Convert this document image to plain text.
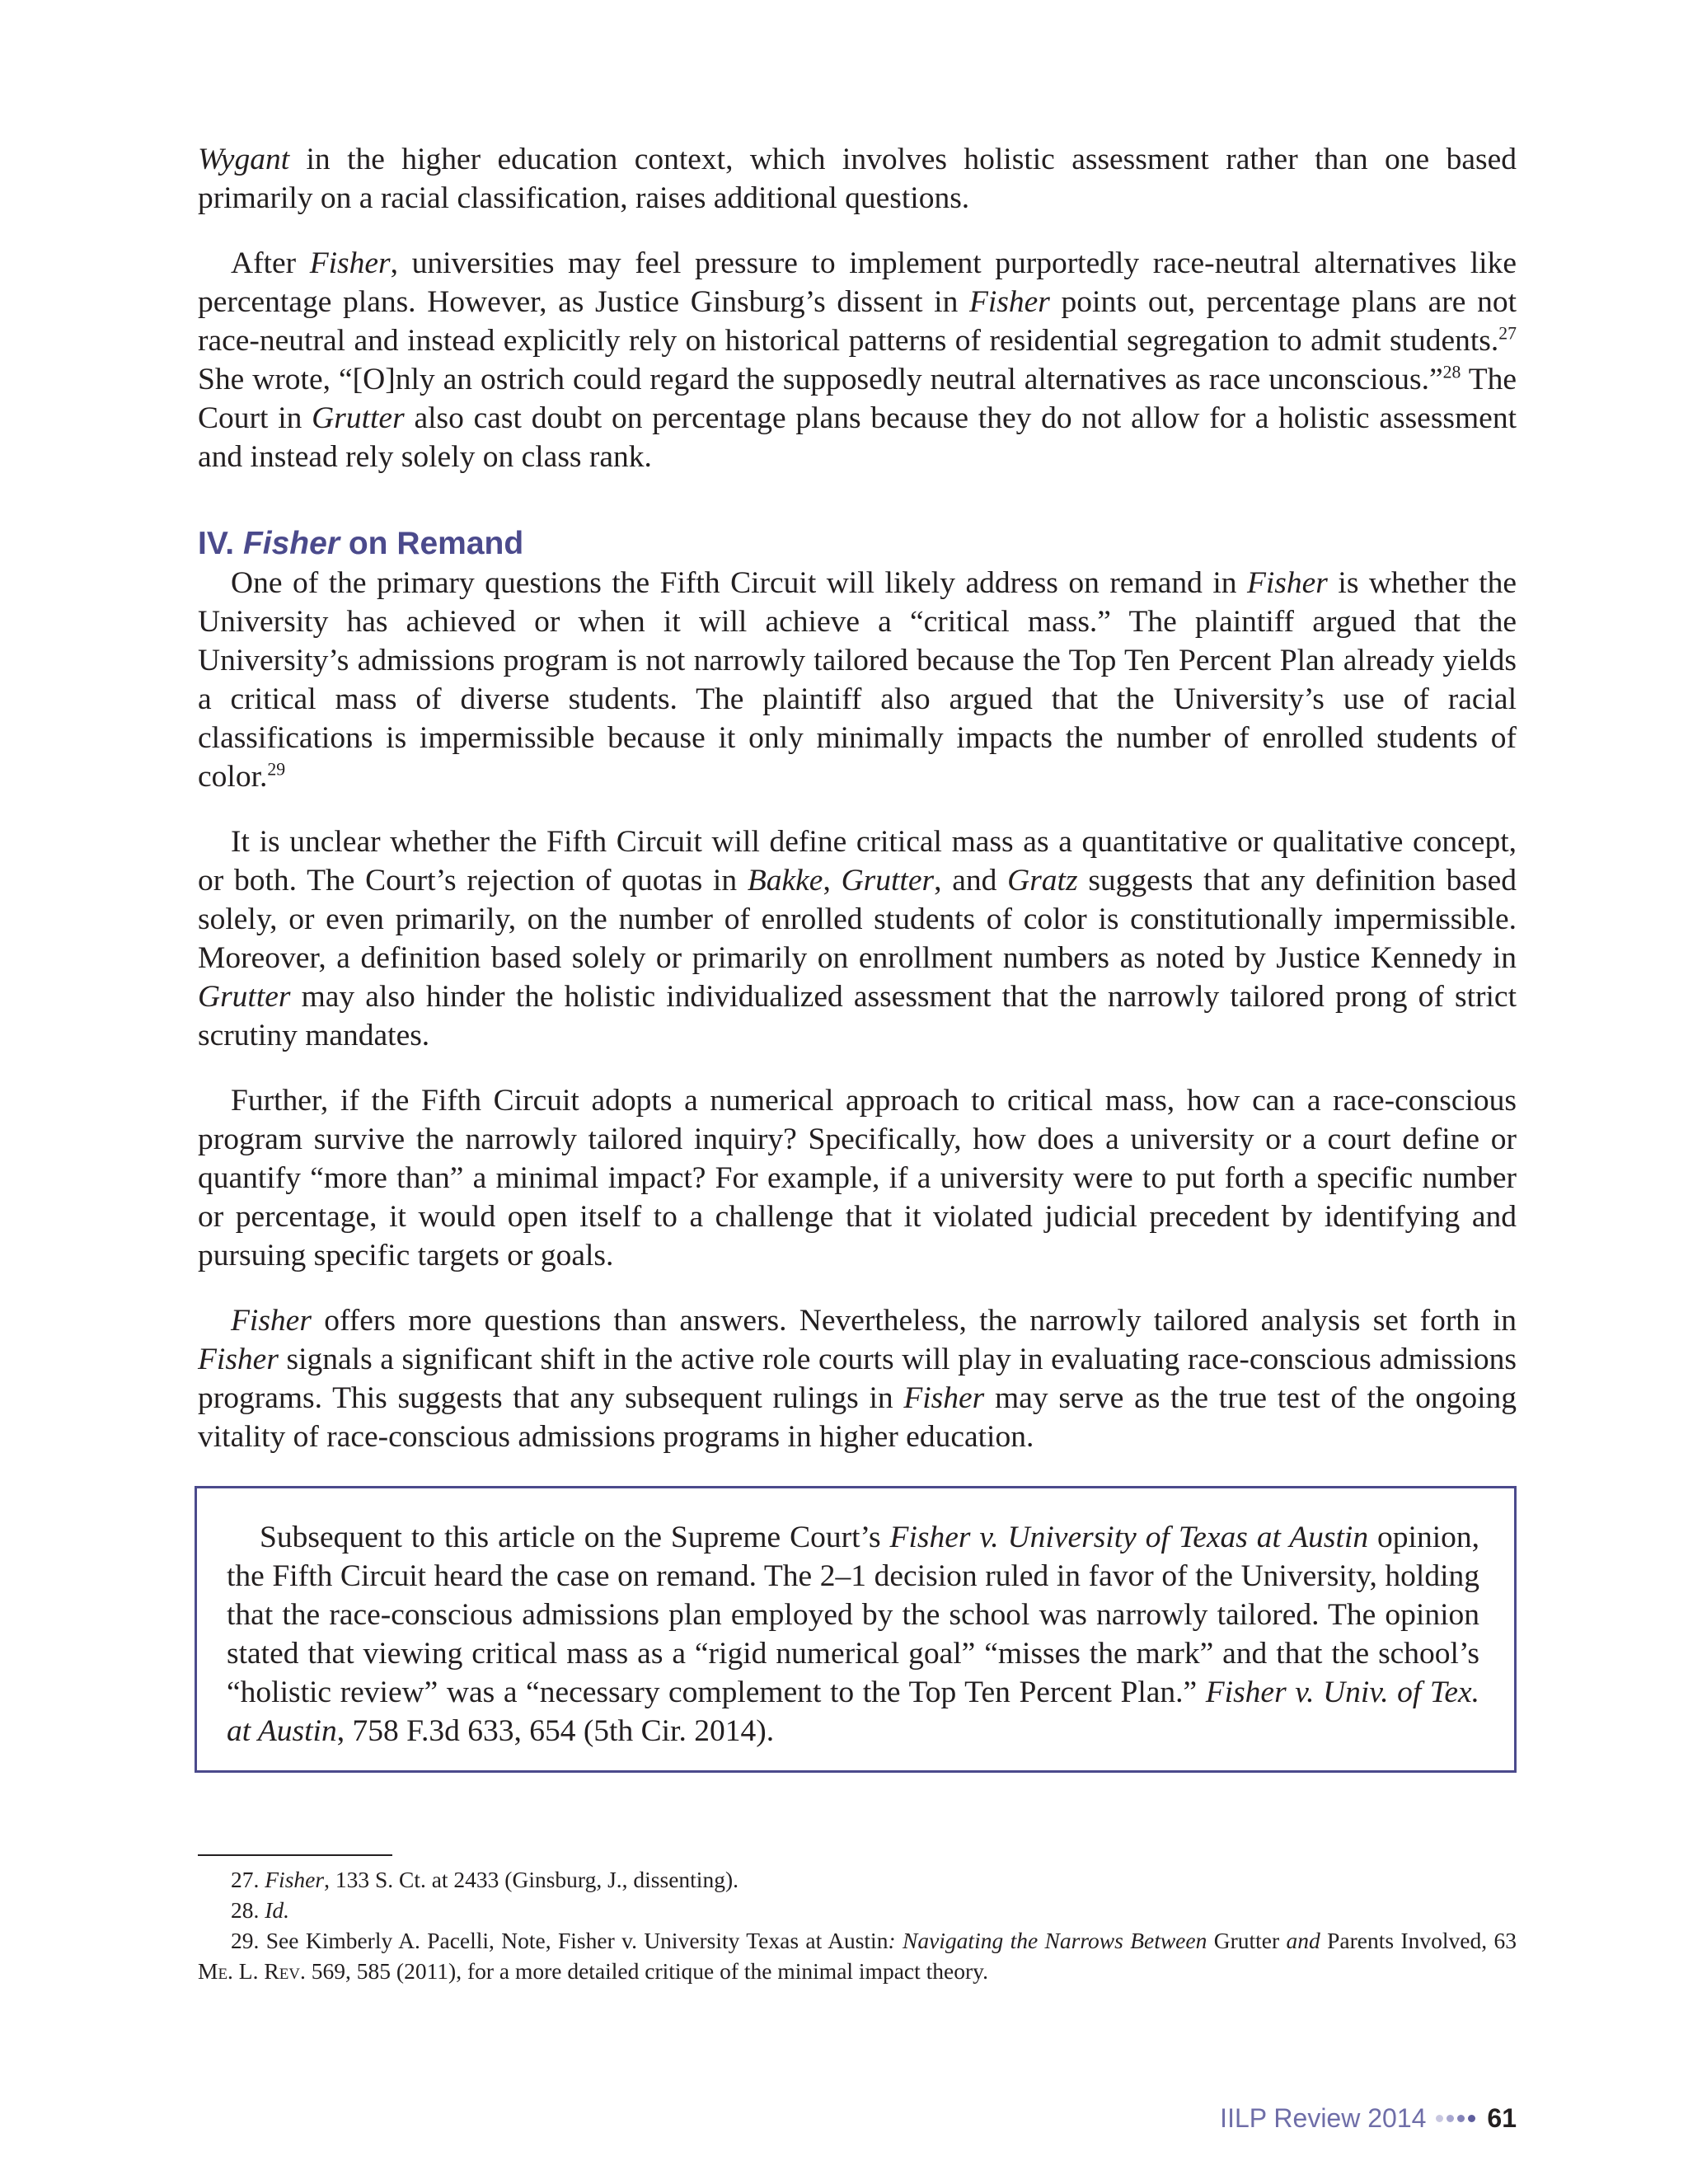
Wygant in the higher education context, which involves holistic assessment rather than one based primarily on a racial classification, raises additional questions.

After Fisher, universities may feel pressure to implement purportedly race-neutral alternatives like percentage plans. However, as Justice Ginsburg’s dissent in Fisher points out, percentage plans are not race-neutral and instead explicitly rely on historical patterns of residential segregation to admit students.$^{27}$ She wrote, “[O]nly an ostrich could regard the supposedly neutral alternatives as race unconscious.”$^{28}$ The Court in Grutter also cast doubt on percentage plans because they do not allow for a holistic assessment and instead rely solely on class rank.

IV. Fisher on Remand

One of the primary questions the Fifth Circuit will likely address on remand in Fisher is whether the University has achieved or when it will achieve a “critical mass.” The plaintiff argued that the University’s admissions program is not narrowly tailored because the Top Ten Percent Plan already yields a critical mass of diverse students. The plaintiff also argued that the University’s use of racial classifications is impermissible because it only minimally impacts the number of enrolled students of color.$^{29}$

It is unclear whether the Fifth Circuit will define critical mass as a quantitative or qualitative concept, or both. The Court’s rejection of quotas in Bakke, Grutter, and Gratz suggests that any definition based solely, or even primarily, on the number of enrolled students of color is constitutionally impermissible. Moreover, a definition based solely or primarily on enrollment numbers as noted by Justice Kennedy in Grutter may also hinder the holistic individualized assessment that the narrowly tailored prong of strict scrutiny mandates.

Further, if the Fifth Circuit adopts a numerical approach to critical mass, how can a race-conscious program survive the narrowly tailored inquiry? Specifically, how does a university or a court define or quantify “more than” a minimal impact? For example, if a university were to put forth a specific number or percentage, it would open itself to a challenge that it violated judicial precedent by identifying and pursuing specific targets or goals.

Fisher offers more questions than answers. Nevertheless, the narrowly tailored analysis set forth in Fisher signals a significant shift in the active role courts will play in evaluating race-conscious admissions programs. This suggests that any subsequent rulings in Fisher may serve as the true test of the ongoing vitality of race-conscious admissions programs in higher education.

Subsequent to this article on the Supreme Court’s Fisher v. University of Texas at Austin opinion, the Fifth Circuit heard the case on remand. The 2–1 decision ruled in favor of the University, holding that the race-conscious admissions plan employed by the school was narrowly tailored. The opinion stated that viewing critical mass as a “rigid numerical goal” “misses the mark” and that the school’s “holistic review” was a “necessary complement to the Top Ten Percent Plan.” Fisher v. Univ. of Tex. at Austin, 758 F.3d 633, 654 (5th Cir. 2014).

27. Fisher, 133 S. Ct. at 2433 (Ginsburg, J., dissenting).

28. Id.

29. See Kimberly A. Pacelli, Note, Fisher v. University Texas at Austin: Navigating the Narrows Between Grutter and Parents Involved, 63 Me. L. Rev. 569, 585 (2011), for a more detailed critique of the minimal impact theory.

IILP Review 2014 61
